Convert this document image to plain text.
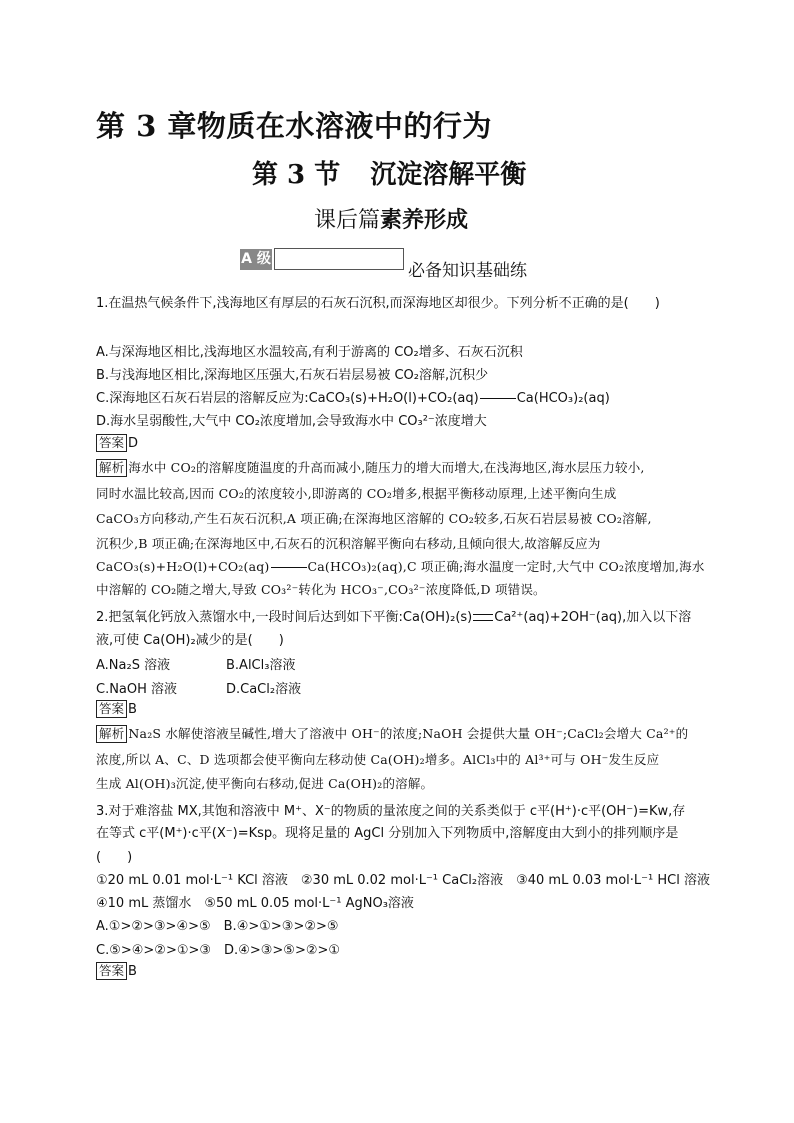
第 3 章物质在水溶液中的行为
第 3 节 沉淀溶解平衡
课后篇素养形成
A 级
必备知识基础练
1.在温热气候条件下,浅海地区有厚层的石灰石沉积,而深海地区却很少。下列分析不正确的是(　　)
A.与深海地区相比,浅海地区水温较高,有利于游离的 CO₂增多、石灰石沉积
B.与浅海地区相比,深海地区压强大,石灰石岩层易被 CO₂溶解,沉积少
C.深海地区石灰石岩层的溶解反应为:CaCO₃(s)+H₂O(l)+CO₂(aq)	Ca(HCO₃)₂(aq)
D.海水呈弱酸性,大气中 CO₂浓度增加,会导致海水中 CO₃²⁻浓度增大
答案 D
解析 海水中 CO₂的溶解度随温度的升高而减小,随压力的增大而增大,在浅海地区,海水层压力较小,
同时水温比较高,因而 CO₂的浓度较小,即游离的 CO₂增多,根据平衡移动原理,上述平衡向生成
CaCO₃方向移动,产生石灰石沉积,A 项正确;在深海地区溶解的 CO₂较多,石灰石岩层易被 CO₂溶解,
沉积少,B 项正确;在深海地区中,石灰石的沉积溶解平衡向右移动,且倾向很大,故溶解反应为
CaCO₃(s)+H₂O(l)+CO₂(aq)	Ca(HCO₃)₂(aq),C 项正确;海水温度一定时,大气中 CO₂浓度增加,海水
中溶解的 CO₂随之增大,导致 CO₃²⁻转化为 HCO₃⁻,CO₃²⁻浓度降低,D 项错误。
2.把氢氧化钙放入蒸馏水中,一段时间后达到如下平衡:Ca(OH)₂(s) Ca²⁺(aq)+2OH⁻(aq),加入以下溶
液,可使 Ca(OH)₂减少的是(　　)
A.Na₂S 溶液	B.AlCl₃溶液
C.NaOH 溶液	D.CaCl₂溶液
答案 B
解析 Na₂S 水解使溶液呈碱性,增大了溶液中 OH⁻的浓度;NaOH 会提供大量 OH⁻;CaCl₂会增大 Ca²⁺的
浓度,所以 A、C、D 选项都会使平衡向左移动使 Ca(OH)₂增多。AlCl₃中的 Al³⁺可与 OH⁻发生反应
生成 Al(OH)₃沉淀,使平衡向右移动,促进 Ca(OH)₂的溶解。
3.对于难溶盐 MX,其饱和溶液中 M⁺、X⁻的物质的量浓度之间的关系类似于 c平(H⁺)·c平(OH⁻)=Kw,存
在等式 c平(M⁺)·c平(X⁻)=Ksp。现将足量的 AgCl 分别加入下列物质中,溶解度由大到小的排列顺序是
(　　)
①20 mL 0.01 mol·L⁻¹ KCl 溶液　②30 mL 0.02 mol·L⁻¹ CaCl₂溶液　③40 mL 0.03 mol·L⁻¹ HCl 溶液
④10 mL 蒸馏水　⑤50 mL 0.05 mol·L⁻¹ AgNO₃溶液
A.①>②>③>④>⑤　B.④>①>③>②>⑤
C.⑤>④>②>①>③　D.④>③>⑤>②>①
答案 B
